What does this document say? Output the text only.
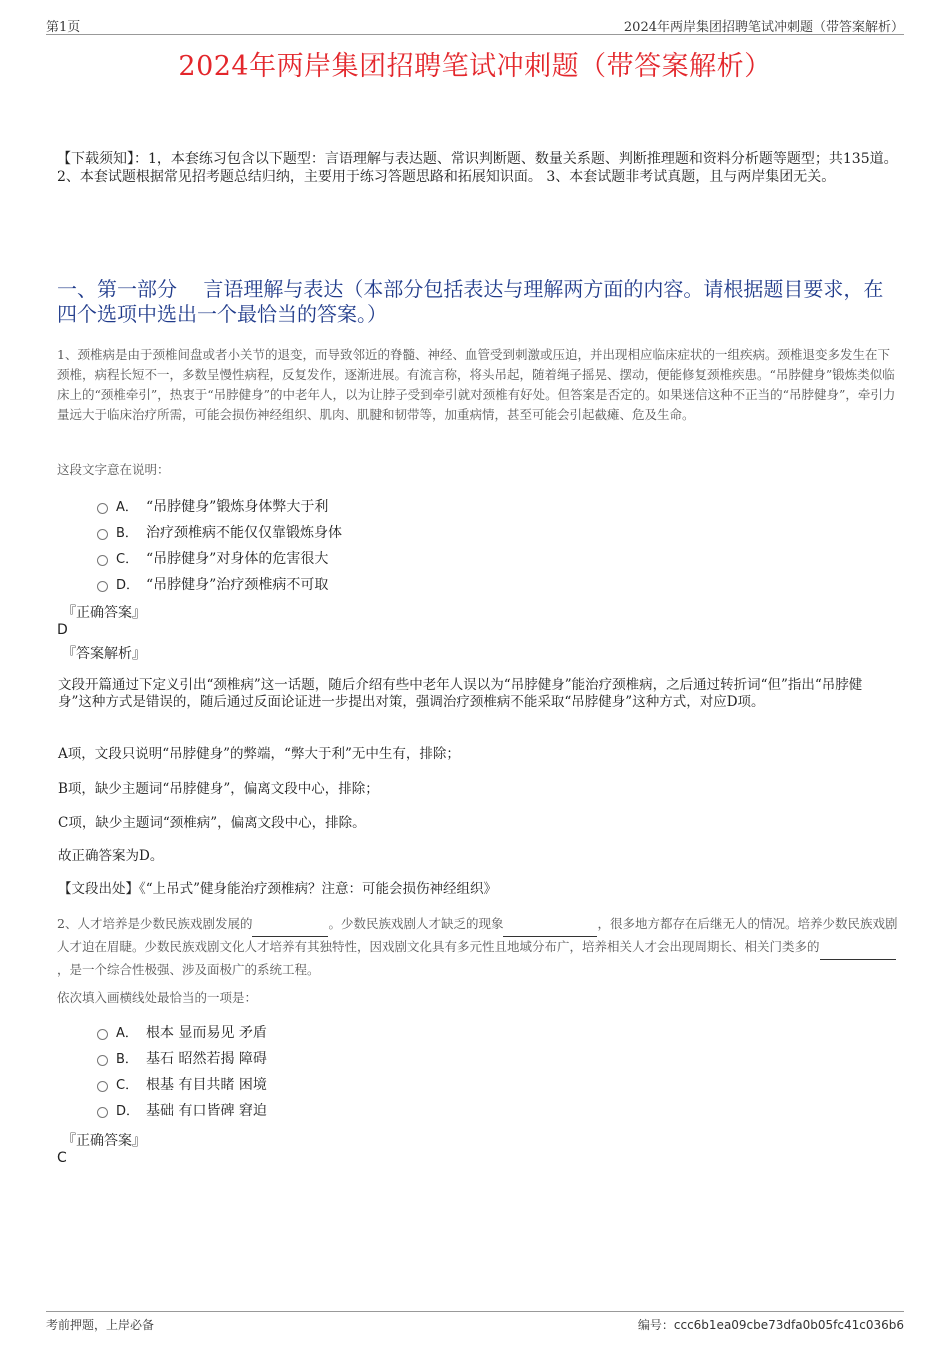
第1页	2024年两岸集团招聘笔试冲刺题（带答案解析）
2024年两岸集团招聘笔试冲刺题（带答案解析）
【下载须知】：1，本套练习包含以下题型：言语理解与表达题、常识判断题、数量关系题、判断推理题和资料分析题等题型；共135道。 2、本套试题根据常见招考题总结归纳，主要用于练习答题思路和拓展知识面。 3、本套试题非考试真题，且与两岸集团无关。
一、第一部分　 言语理解与表达（本部分包括表达与理解两方面的内容。请根据题目要求，在四个选项中选出一个最恰当的答案。）
1、颈椎病是由于颈椎间盘或者小关节的退变，而导致邻近的脊髓、神经、血管受到刺激或压迫，并出现相应临床症状的一组疾病。颈椎退变多发生在下颈椎，病程长短不一，多数呈慢性病程，反复发作，逐渐进展。有流言称，将头吊起，随着绳子摇晃、摆动，便能修复颈椎疾患。“吊脖健身”锻炼类似临床上的“颈椎牵引”，热衷于“吊脖健身”的中老年人，以为让脖子受到牵引就对颈椎有好处。但答案是否定的。如果迷信这种不正当的“吊脖健身”，牵引力量远大于临床治疗所需，可能会损伤神经组织、肌肉、肌腱和韧带等，加重病情，甚至可能会引起截瘫、危及生命。
这段文字意在说明：
A． “吊脖健身”锻炼身体弊大于利
B． 治疗颈椎病不能仅仅靠锻炼身体
C． “吊脖健身”对身体的危害很大
D． “吊脖健身”治疗颈椎病不可取
『正确答案』
D
『答案解析』
文段开篇通过下定义引出“颈椎病”这一话题，随后介绍有些中老年人误以为“吊脖健身”能治疗颈椎病，之后通过转折词“但”指出“吊脖健身”这种方式是错误的，随后通过反面论证进一步提出对策，强调治疗颈椎病不能采取“吊脖健身”这种方式，对应D项。
A项，文段只说明“吊脖健身”的弊端，“弊大于利”无中生有，排除；
B项，缺少主题词“吊脖健身”，偏离文段中心，排除；
C项，缺少主题词“颈椎病”，偏离文段中心，排除。
故正确答案为D。
【文段出处】《“上吊式”健身能治疗颈椎病？注意：可能会损伤神经组织》
2、人才培养是少数民族戏剧发展的	。少数民族戏剧人才缺乏的现象	，很多地方都存在后继无人的情况。培养少数民族戏剧人才迫在眉睫。少数民族戏剧文化人才培养有其独特性，因戏剧文化具有多元性且地域分布广，培养相关人才会出现周期长、相关门类多的 ，是一个综合性极强、涉及面极广的系统工程。
依次填入画横线处最恰当的一项是：
A． 根本 显而易见 矛盾
B． 基石 昭然若揭 障碍
C． 根基 有目共睹 困境
D． 基础 有口皆碑 窘迫
『正确答案』
C
考前押题，上岸必备	编号：ccc6b1ea09cbe73dfa0b05fc41c036b6
